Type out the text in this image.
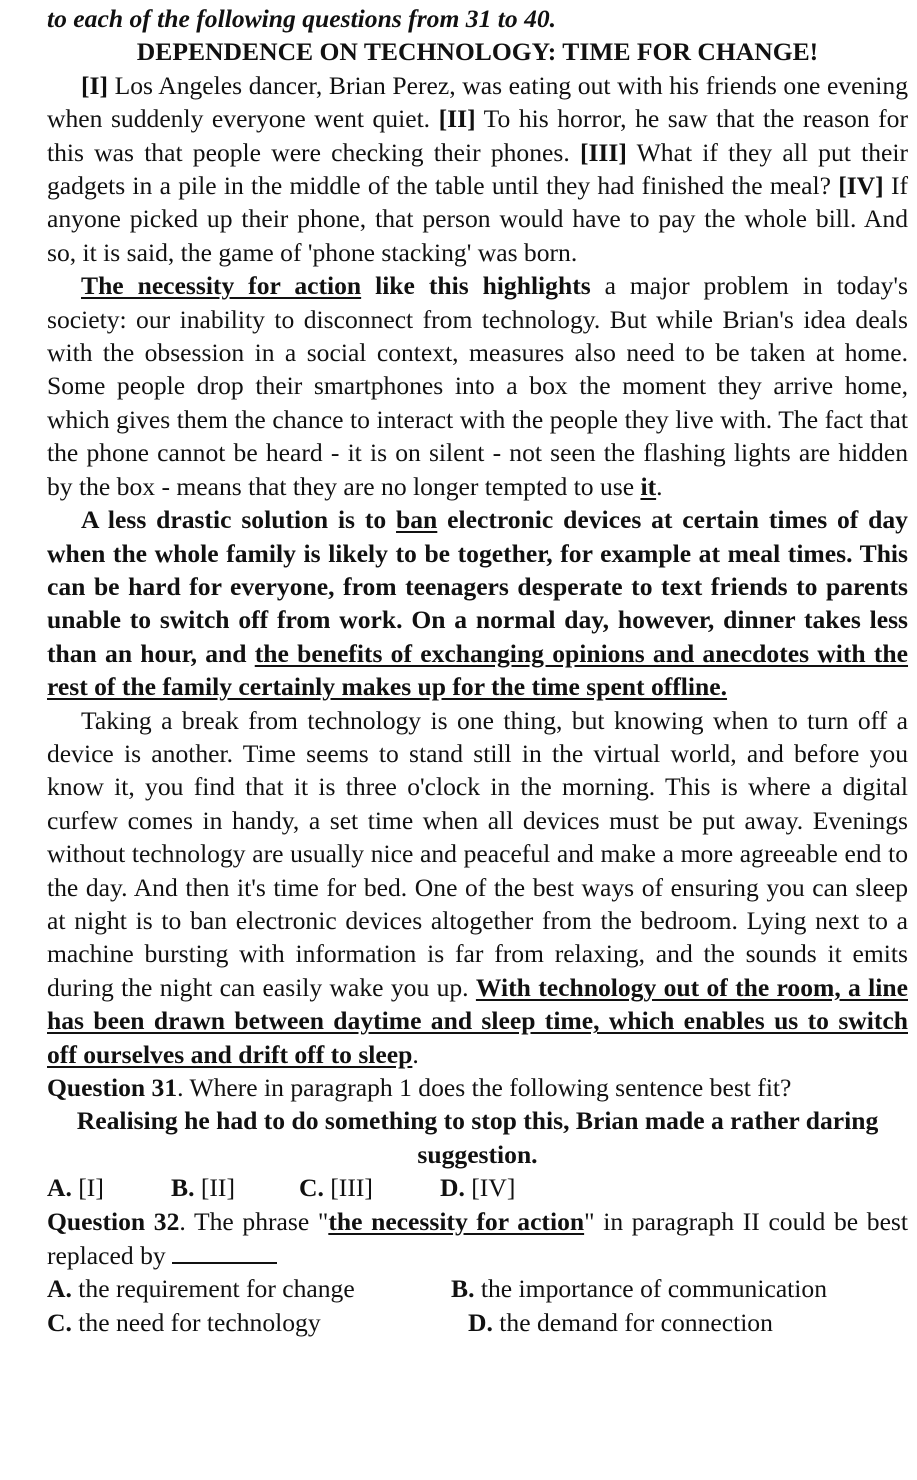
to each of the following questions from 31 to 40.
DEPENDENCE ON TECHNOLOGY: TIME FOR CHANGE!

[I] Los Angeles dancer, Brian Perez, was eating out with his friends one evening when suddenly everyone went quiet. [II] To his horror, he saw that the reason for this was that people were checking their phones. [III] What if they all put their gadgets in a pile in the middle of the table until they had finished the meal? [IV] If anyone picked up their phone, that person would have to pay the whole bill. And so, it is said, the game of 'phone stacking' was born.

The necessity for action like this highlights a major problem in today's society: our inability to disconnect from technology. But while Brian's idea deals with the obsession in a social context, measures also need to be taken at home. Some people drop their smartphones into a box the moment they arrive home, which gives them the chance to interact with the people they live with. The fact that the phone cannot be heard - it is on silent - not seen the flashing lights are hidden by the box - means that they are no longer tempted to use it.

A less drastic solution is to ban electronic devices at certain times of day when the whole family is likely to be together, for example at meal times. This can be hard for everyone, from teenagers desperate to text friends to parents unable to switch off from work. On a normal day, however, dinner takes less than an hour, and the benefits of exchanging opinions and anecdotes with the rest of the family certainly makes up for the time spent offline.

Taking a break from technology is one thing, but knowing when to turn off a device is another. Time seems to stand still in the virtual world, and before you know it, you find that it is three o'clock in the morning. This is where a digital curfew comes in handy, a set time when all devices must be put away. Evenings without technology are usually nice and peaceful and make a more agreeable end to the day. And then it's time for bed. One of the best ways of ensuring you can sleep at night is to ban electronic devices altogether from the bedroom. Lying next to a machine bursting with information is far from relaxing, and the sounds it emits during the night can easily wake you up. With technology out of the room, a line has been drawn between daytime and sleep time, which enables us to switch off ourselves and drift off to sleep.

Question 31. Where in paragraph 1 does the following sentence best fit?
Realising he had to do something to stop this, Brian made a rather daring suggestion.
A. [I]	B. [II]	C. [III]	D. [IV]
Question 32. The phrase "the necessity for action" in paragraph II could be best replaced by
A. the requirement for change	B. the importance of communication
C. the need for technology	D. the demand for connection
